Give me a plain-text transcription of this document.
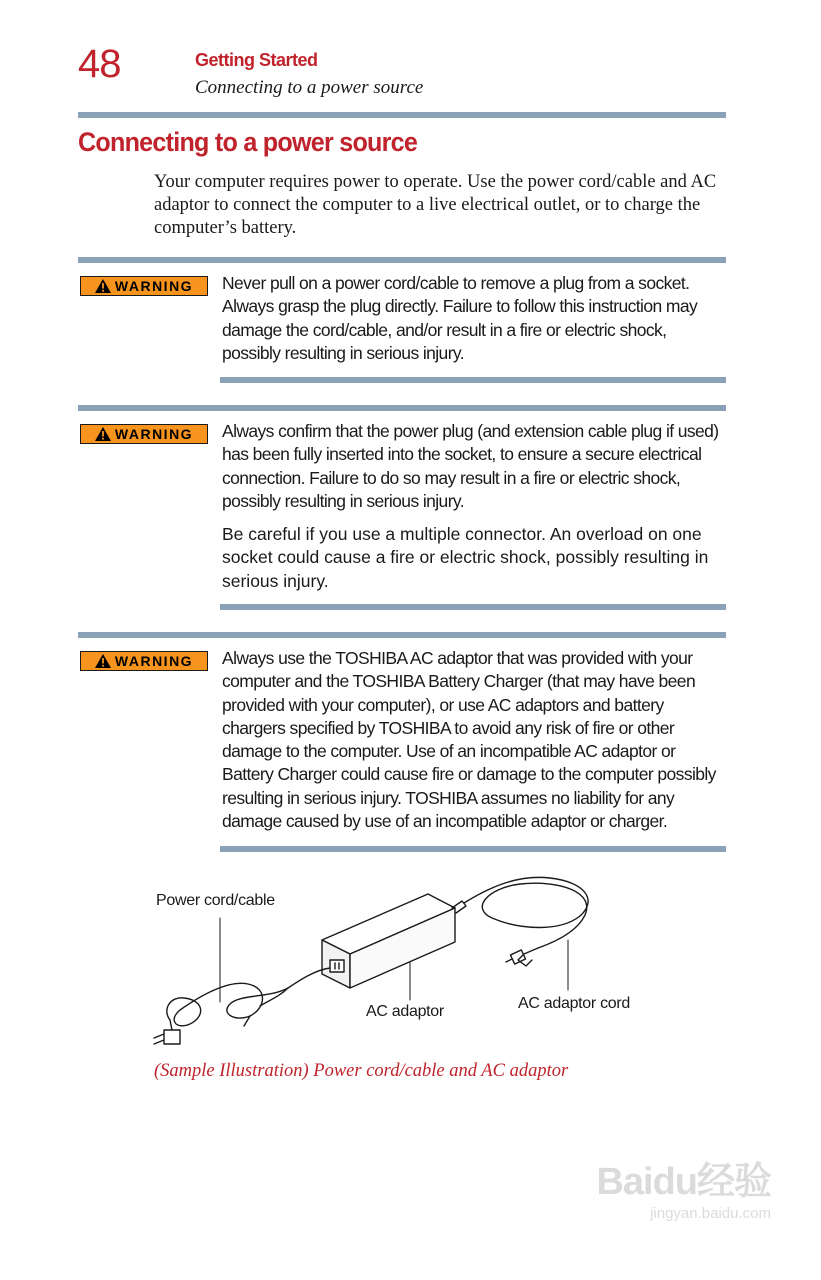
48	Getting Started
Connecting to a power source
Connecting to a power source
Your computer requires power to operate. Use the power cord/cable and AC adaptor to connect the computer to a live electrical outlet, or to charge the computer’s battery.
WARNING Never pull on a power cord/cable to remove a plug from a socket. Always grasp the plug directly. Failure to follow this instruction may damage the cord/cable, and/or result in a fire or electric shock, possibly resulting in serious injury.

WARNING Always confirm that the power plug (and extension cable plug if used) has been fully inserted into the socket, to ensure a secure electrical connection. Failure to do so may result in a fire or electric shock, possibly resulting in serious injury.

Be careful if you use a multiple connector. An overload on one socket could cause a fire or electric shock, possibly resulting in serious injury.

WARNING Always use the TOSHIBA AC adaptor that was provided with your computer and the TOSHIBA Battery Charger (that may have been provided with your computer), or use AC adaptors and battery chargers specified by TOSHIBA to avoid any risk of fire or other damage to the computer. Use of an incompatible AC adaptor or Battery Charger could cause fire or damage to the computer possibly resulting in serious injury. TOSHIBA assumes no liability for any damage caused by use of an incompatible adaptor or charger.

Power cord/cable
AC adaptor	AC adaptor cord
(Sample Illustration) Power cord/cable and AC adaptor
Baidu经验
jingyan.baidu.com
